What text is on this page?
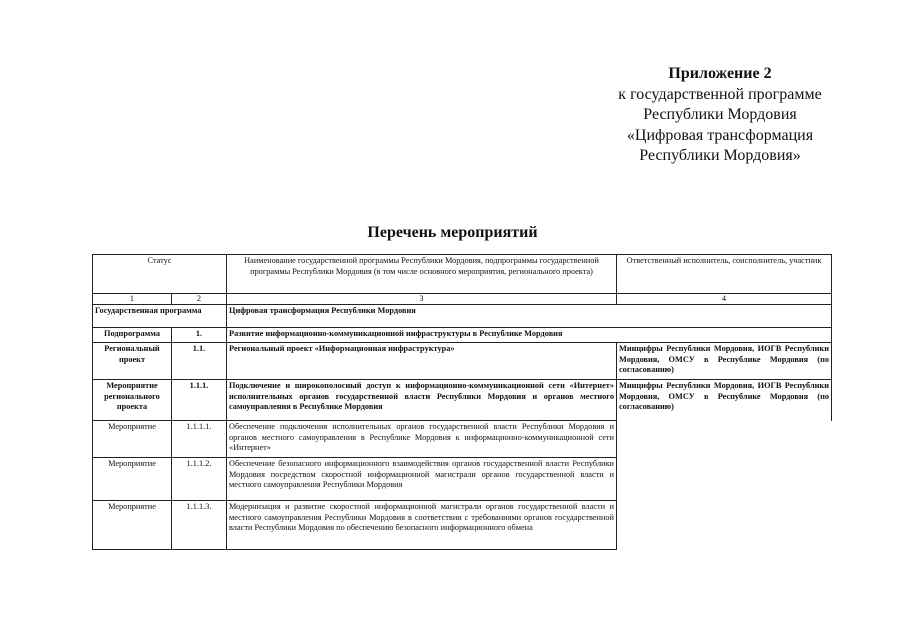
Приложение 2
к государственной программе
Республики Мордовия
«Цифровая трансформация
Республики Мордовия»
Перечень мероприятий
Статус		Наименование государственной программы Республики Мордовия, подпрограммы государственной программы Республики Мордовия (в том числе основного мероприятия, регионального проекта)	Ответственный исполнитель, соисполнитель, участник
1	2	3	4
Государственная программа		Цифровая трансформация Республики Мордовия	
Подпрограмма	1.	Развитие информационно-коммуникационной инфраструктуры в Республике Мордовия	
Региональный проект	1.1.	Региональный проект «Информационная инфраструктура»	Минцифры Республики Мордовия, ИОГВ Республики Мордовия, ОМСУ в Республике Мордовия (по согласованию)
Мероприятие регионального проекта	1.1.1.	Подключение и широкополосный доступ к информационно-коммуникационной сети «Интернет» исполнительных органов государственной власти Республики Мордовия и органов местного самоуправления в Республике Мордовия	Минцифры Республики Мордовия, ИОГВ Республики Мордовия, ОМСУ в Республике Мордовия (по согласованию)
Мероприятие	1.1.1.1.	Обеспечение подключения исполнительных органов государственной власти Республики Мордовия и органов местного самоуправления в Республике Мордовия к информационно-коммуникационной сети «Интернет»	
Мероприятие	1.1.1.2.	Обеспечение безопасного информационного взаимодействия органов государственной власти Республики Мордовия посредством скоростной информационной магистрали органов государственной власти и местного самоуправления Республики Мордовия	
Мероприятие	1.1.1.3.	Модернизация и развитие скоростной информационной магистрали органов государственной власти и местного самоуправления Республики Мордовия в соответствии с требованиями органов государственной власти Республики Мордовия по обеспечению безопасного информационного обмена	
